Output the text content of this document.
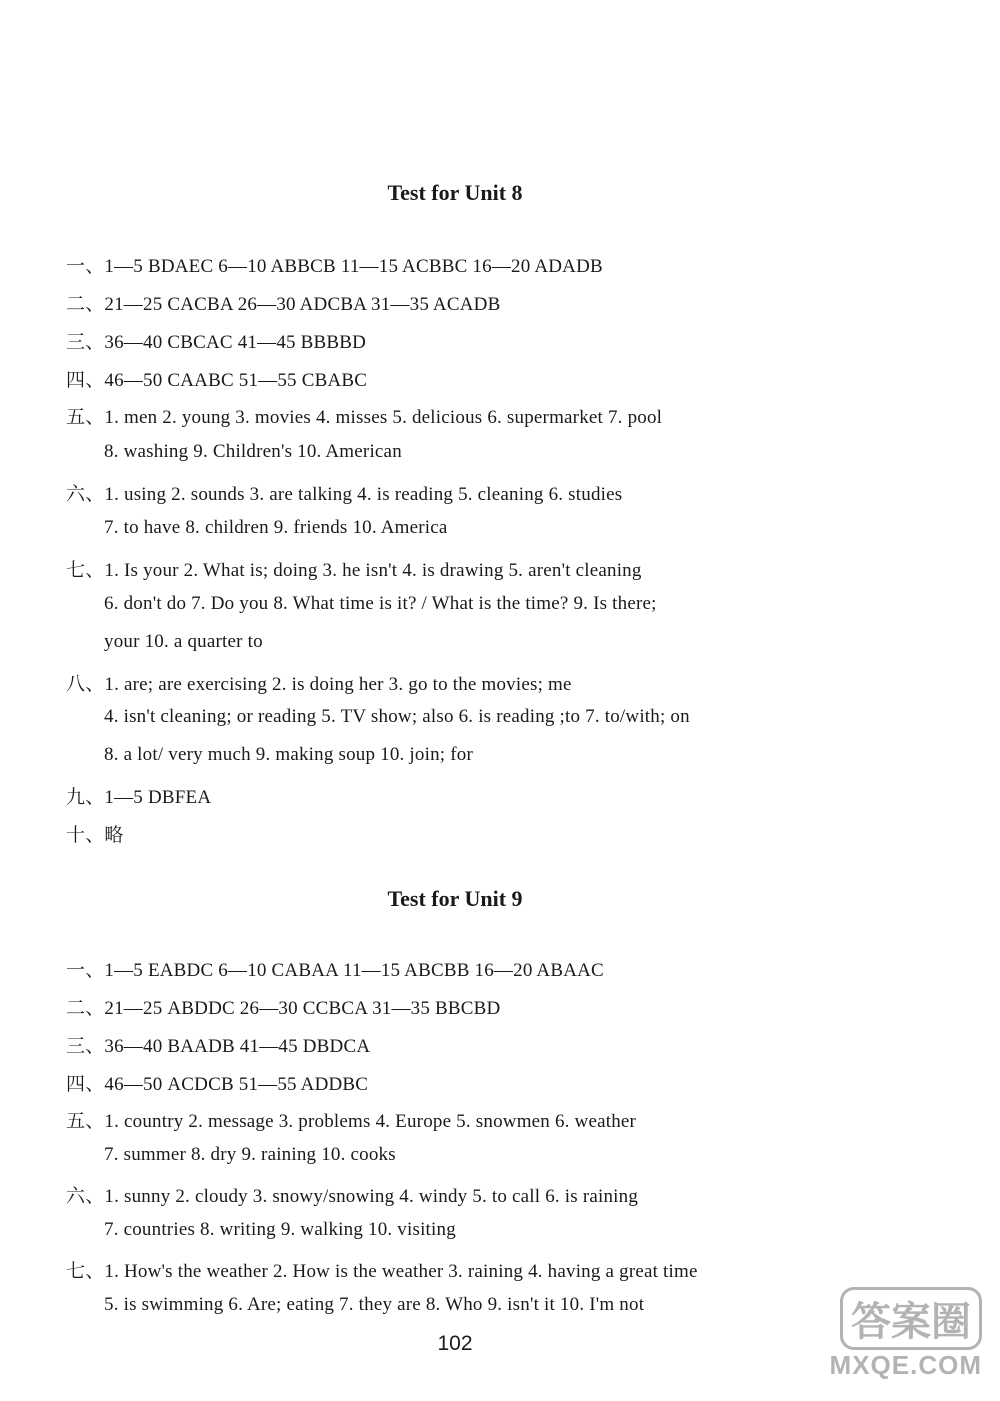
Test for Unit 8
一、1—5 BDAEC 6—10 ABBCB 11—15 ACBBC 16—20 ADADB
二、21—25 CACBA 26—30 ADCBA 31—35 ACADB
三、36—40 CBCAC 41—45 BBBBD
四、46—50 CAABC 51—55 CBABC
五、1. men 2. young 3. movies 4. misses 5. delicious 6. supermarket 7. pool
8. washing 9. Children's 10. American
六、1. using 2. sounds 3. are talking 4. is reading 5. cleaning 6. studies
7. to have 8. children 9. friends 10. America
七、1. Is your 2. What is; doing 3. he isn't 4. is drawing 5. aren't cleaning
6. don't do 7. Do you 8. What time is it? / What is the time? 9. Is there;
your 10. a quarter to
八、1. are; are exercising 2. is doing her 3. go to the movies; me
4. isn't cleaning; or reading 5. TV show; also 6. is reading ;to 7. to/with; on
8. a lot/ very much 9. making soup 10. join; for
九、1—5 DBFEA
十、略
Test for Unit 9
一、1—5 EABDC 6—10 CABAA 11—15 ABCBB 16—20 ABAAC
二、21—25 ABDDC 26—30 CCBCA 31—35 BBCBD
三、36—40 BAADB 41—45 DBDCA
四、46—50 ACDCB 51—55 ADDBC
五、1. country 2. message 3. problems 4. Europe 5. snowmen 6. weather
7. summer 8. dry 9. raining 10. cooks
六、1. sunny 2. cloudy 3. snowy/snowing 4. windy 5. to call 6. is raining
7. countries 8. writing 9. walking 10. visiting
七、1. How's the weather 2. How is the weather 3. raining 4. having a great time
5. is swimming 6. Are; eating 7. they are 8. Who 9. isn't it 10. I'm not
102	答案圈
MXQE.COM
